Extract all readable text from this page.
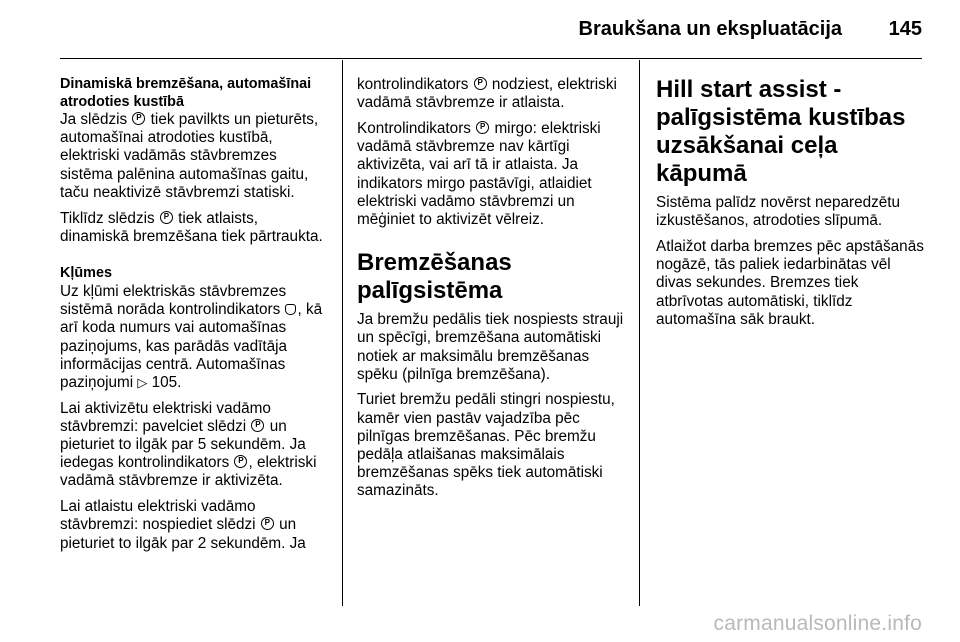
Braukšana un ekspluatācija 145
Dinamiskā bremzēšana, automašīnai atrodoties kustībā

Ja slēdzis P tiek pavilkts un pieturēts, automašīnai atrodoties kustībā, elektriski vadāmās stāvbremzes sistēma palēnina automašīnas gaitu, taču neaktivizē stāvbremzi statiski.

Tiklīdz slēdzis P tiek atlaists, dinamiskā bremzēšana tiek pārtraukta.

Kļūmes

Uz kļūmi elektriskās stāvbremzes sistēmā norāda kontrolindikators , kā arī koda numurs vai automašīnas paziņojums, kas parādās vadītāja informācijas centrā. Automašīnas paziņojumi ▷ 105.

Lai aktivizētu elektriski vadāmo stāvbremzi: pavelciet slēdzi P un pieturiet to ilgāk par 5 sekundēm. Ja iedegas kontrolindikators P , elektriski vadāmā stāvbremze ir aktivizēta.

Lai atlaistu elektriski vadāmo stāvbremzi: nospiediet slēdzi P un pieturiet to ilgāk par 2 sekundēm. Ja

kontrolindikators P nodziest, elektriski vadāmā stāvbremze ir atlaista.

Kontrolindikators P mirgo: elektriski vadāmā stāvbremze nav kārtīgi aktivizēta, vai arī tā ir atlaista. Ja indikators mirgo pastāvīgi, atlaidiet elektriski vadāmo stāvbremzi un mēģiniet to aktivizēt vēlreiz.

Bremzēšanas palīgsistēma

Ja bremžu pedālis tiek nospiests strauji un spēcīgi, bremzēšana automātiski notiek ar maksimālu bremzēšanas spēku (pilnīga bremzēšana).

Turiet bremžu pedāli stingri nospiestu, kamēr vien pastāv vajadzība pēc pilnīgas bremzēšanas. Pēc bremžu pedāļa atlaišanas maksimālais bremzēšanas spēks tiek automātiski samazināts.

Hill start assist - palīgsistēma kustības uzsākšanai ceļa kāpumā

Sistēma palīdz novērst neparedzētu izkustēšanos, atrodoties slīpumā.

Atlaižot darba bremzes pēc apstāšanās nogāzē, tās paliek iedarbinātas vēl divas sekundes. Bremzes tiek atbrīvotas automātiski, tiklīdz automašīna sāk braukt.

carmanualsonline.info
